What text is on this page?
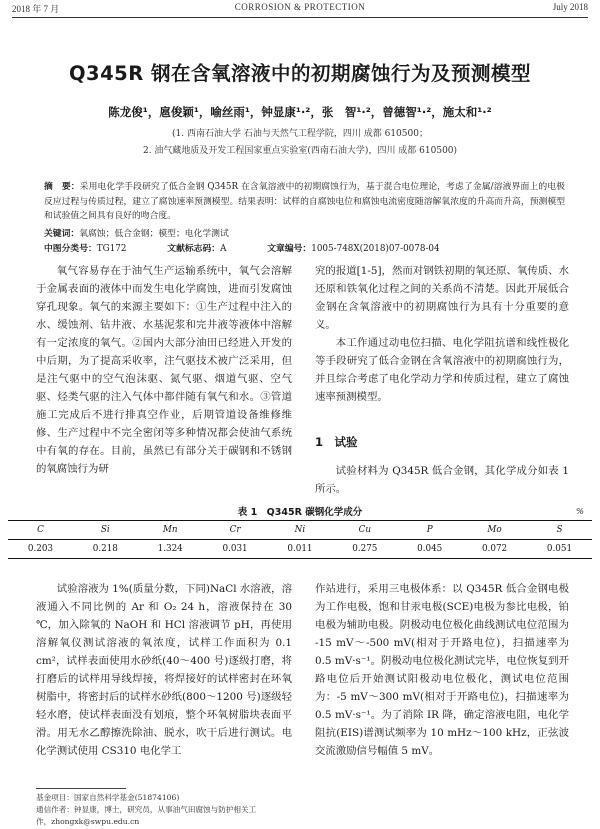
2018 年 7 月	CORROSION & PROTECTION	July 2018
Q345R 钢在含氧溶液中的初期腐蚀行为及预测模型
陈龙俊¹，扈俊颖¹，喻丝雨¹，钟显康¹·²，张　智¹·²，曾德智¹·²，施太和¹·²
(1. 西南石油大学 石油与天然气工程学院，四川 成都 610500；
2. 油气藏地质及开发工程国家重点实验室(西南石油大学)，四川 成都 610500)
摘　要：采用电化学手段研究了低合金钢 Q345R 在含氧溶液中的初期腐蚀行为，基于混合电位理论，考虑了金属/溶液界面上的电极反应过程与传质过程，建立了腐蚀速率预测模型。结果表明：试样的自腐蚀电位和腐蚀电流密度随溶解氧浓度的升高而升高，预测模型和试验值之间具有良好的吻合度。
关键词：氧腐蚀；低合金钢；模型；电化学测试
中图分类号：TG172	文献标志码：A	文章编号：1005-748X(2018)07-0078-04
氧气容易存在于油气生产运输系统中，氧气会溶解于金属表面的液体中而发生电化学腐蚀，进而引发腐蚀穿孔现象。氧气的来源主要如下：①生产过程中注入的水、缓蚀剂、钻井液、水基泥浆和完井液等液体中溶解有一定浓度的氧气。②国内大部分油田已经进入开发的中后期，为了提高采收率，注气驱技术被广泛采用，但是注气驱中的空气泡沫驱、氮气驱、烟道气驱、空气驱、烃类气驱的注入气体中都伴随有氧气和水。③管道施工完成后不进行排真空作业，后期管道设备维修维修、生产过程中不完全密闭等多种情况都会使油气系统中有氧的存在。目前，虽然已有部分关于碳钢和不锈钢的氧腐蚀行为研

究的报道[1-5]，然而对钢铁初期的氧还原、氧传质、水还原和铁氧化过程之间的关系尚不清楚。因此开展低合金钢在含氧溶液中的初期腐蚀行为具有十分重要的意义。

本工作通过动电位扫描、电化学阻抗谱和线性极化等手段研究了低合金钢在含氧溶液中的初期腐蚀行为，并且综合考虑了电化学动力学和传质过程，建立了腐蚀速率预测模型。

1　试验
试验材料为 Q345R 低合金钢，其化学成分如表 1 所示。
表 1　Q345R 碳钢化学成分	%
C	Si	Mn	Cr	Ni	Cu	P	Mo	S
0.203	0.218	1.324	0.031	0.011	0.275	0.045	0.072	0.051
试验溶液为 1%(质量分数，下同)NaCl 水溶液，溶液通入不同比例的 Ar 和 O₂ 24 h，溶液保持在 30 ℃，加入除氧的 NaOH 和 HCl 溶液调节 pH，再使用溶解氧仪测试溶液的氧浓度，试样工作面积为 0.1 cm²，试样表面使用水砂纸(40～400 号)逐级打磨，将打磨后的试样用导线焊接，将焊接好的试样密封在环氧树脂中，将密封后的试样水砂纸(800～1200 号)逐级轻轻水磨，使试样表面没有划痕，整个环氧树脂块表面平滑。用无水乙醇擦洗除油、脱水，吹干后进行测试。电化学测试使用 CS310 电化学工
作站进行，采用三电极体系：以 Q345R 低合金钢电极为工作电极，饱和甘汞电极(SCE)电极为参比电极，铂电极为辅助电极。阴极动电位极化曲线测试电位范围为 -15 mV～-500 mV(相对于开路电位)，扫描速率为 0.5 mV·s⁻¹。阴极动电位极化测试完毕，电位恢复到开路电位后开始测试阳极动电位极化，测试电位范围为：-5 mV～300 mV(相对于开路电位)，扫描速率为 0.5 mV·s⁻¹。为了消除 IR 降，确定溶液电阻，电化学阻抗(EIS)谱测试频率为 10 mHz～100 kHz，正弦波交流激励信号幅值 5 mV。
基金项目：国家自然科学基金(51874106)
通信作者：钟显康，博士，研究员，从事油气田腐蚀与防护相关工
作，zhongxk@swpu.edu.cn
